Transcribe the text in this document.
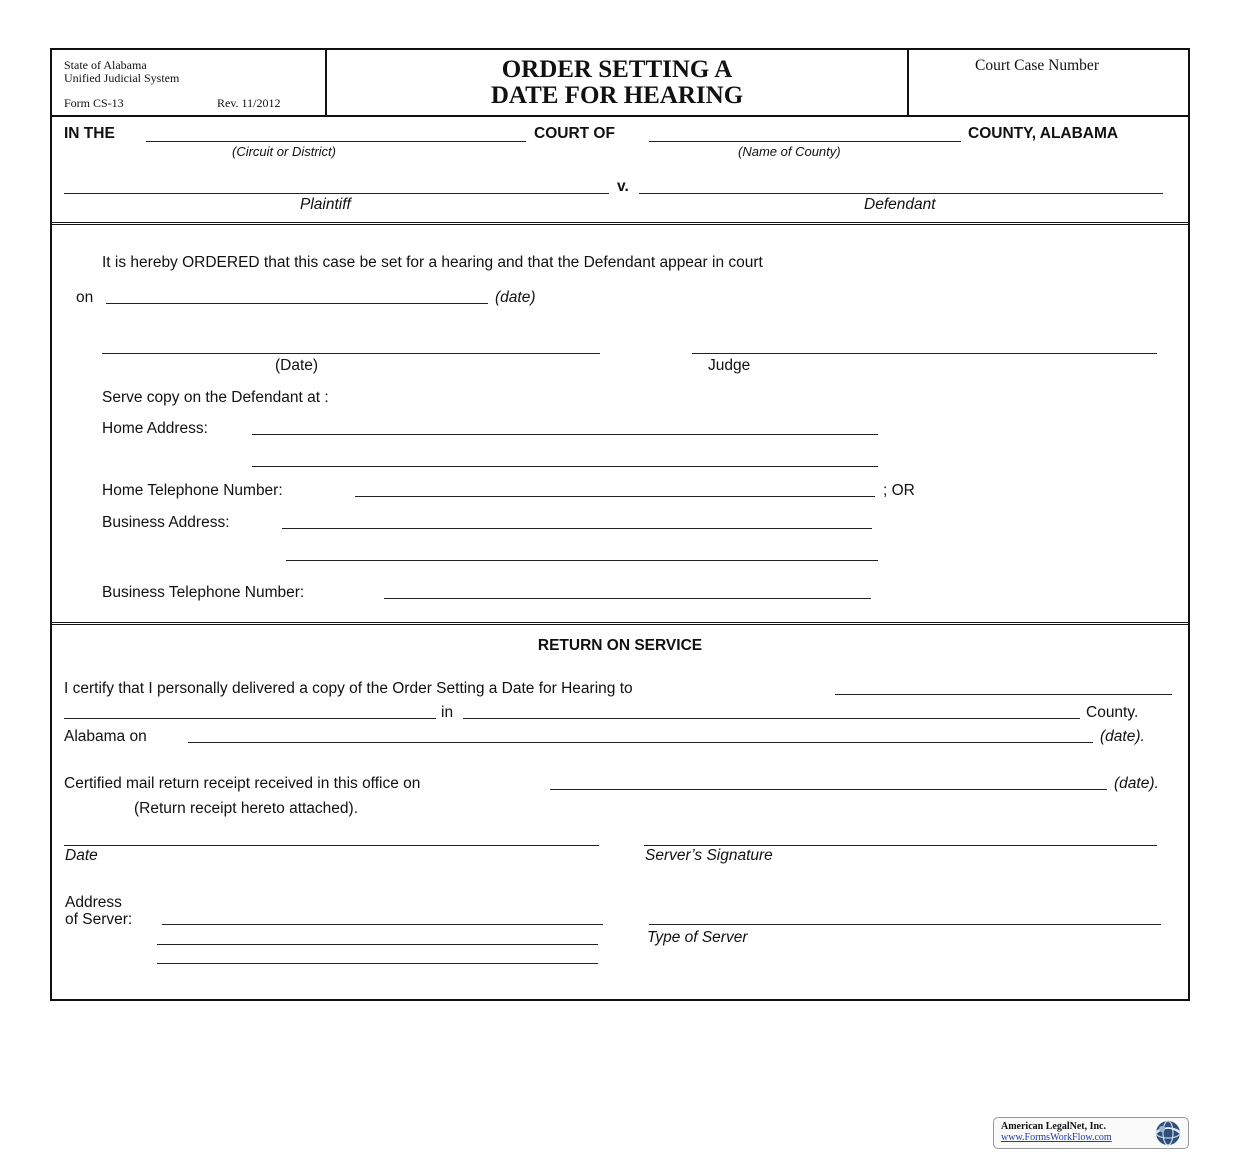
State of Alabama
Unified Judicial System
Form CS-13	Rev. 11/2012
ORDER SETTING A
DATE FOR HEARING
Court Case Number
IN THE	COURT OF	COUNTY, ALABAMA
(Circuit or District)	(Name of County)
v.
Plaintiff	Defendant
It is hereby ORDERED that this case be set for a hearing and that the Defendant appear in court
on	(date)
(Date)	Judge
Serve copy on the Defendant at :
Home Address:
Home Telephone Number:	; OR
Business Address:
Business Telephone Number:
RETURN ON SERVICE
I certify that I personally delivered a copy of the Order Setting a Date for Hearing to
in	County.
Alabama on	(date).
Certified mail return receipt received in this office on	(date).
(Return receipt hereto attached).
Date	Server’s Signature
Address
of Server:
Type of Server
American LegalNet, Inc.
www.FormsWorkFlow.com
